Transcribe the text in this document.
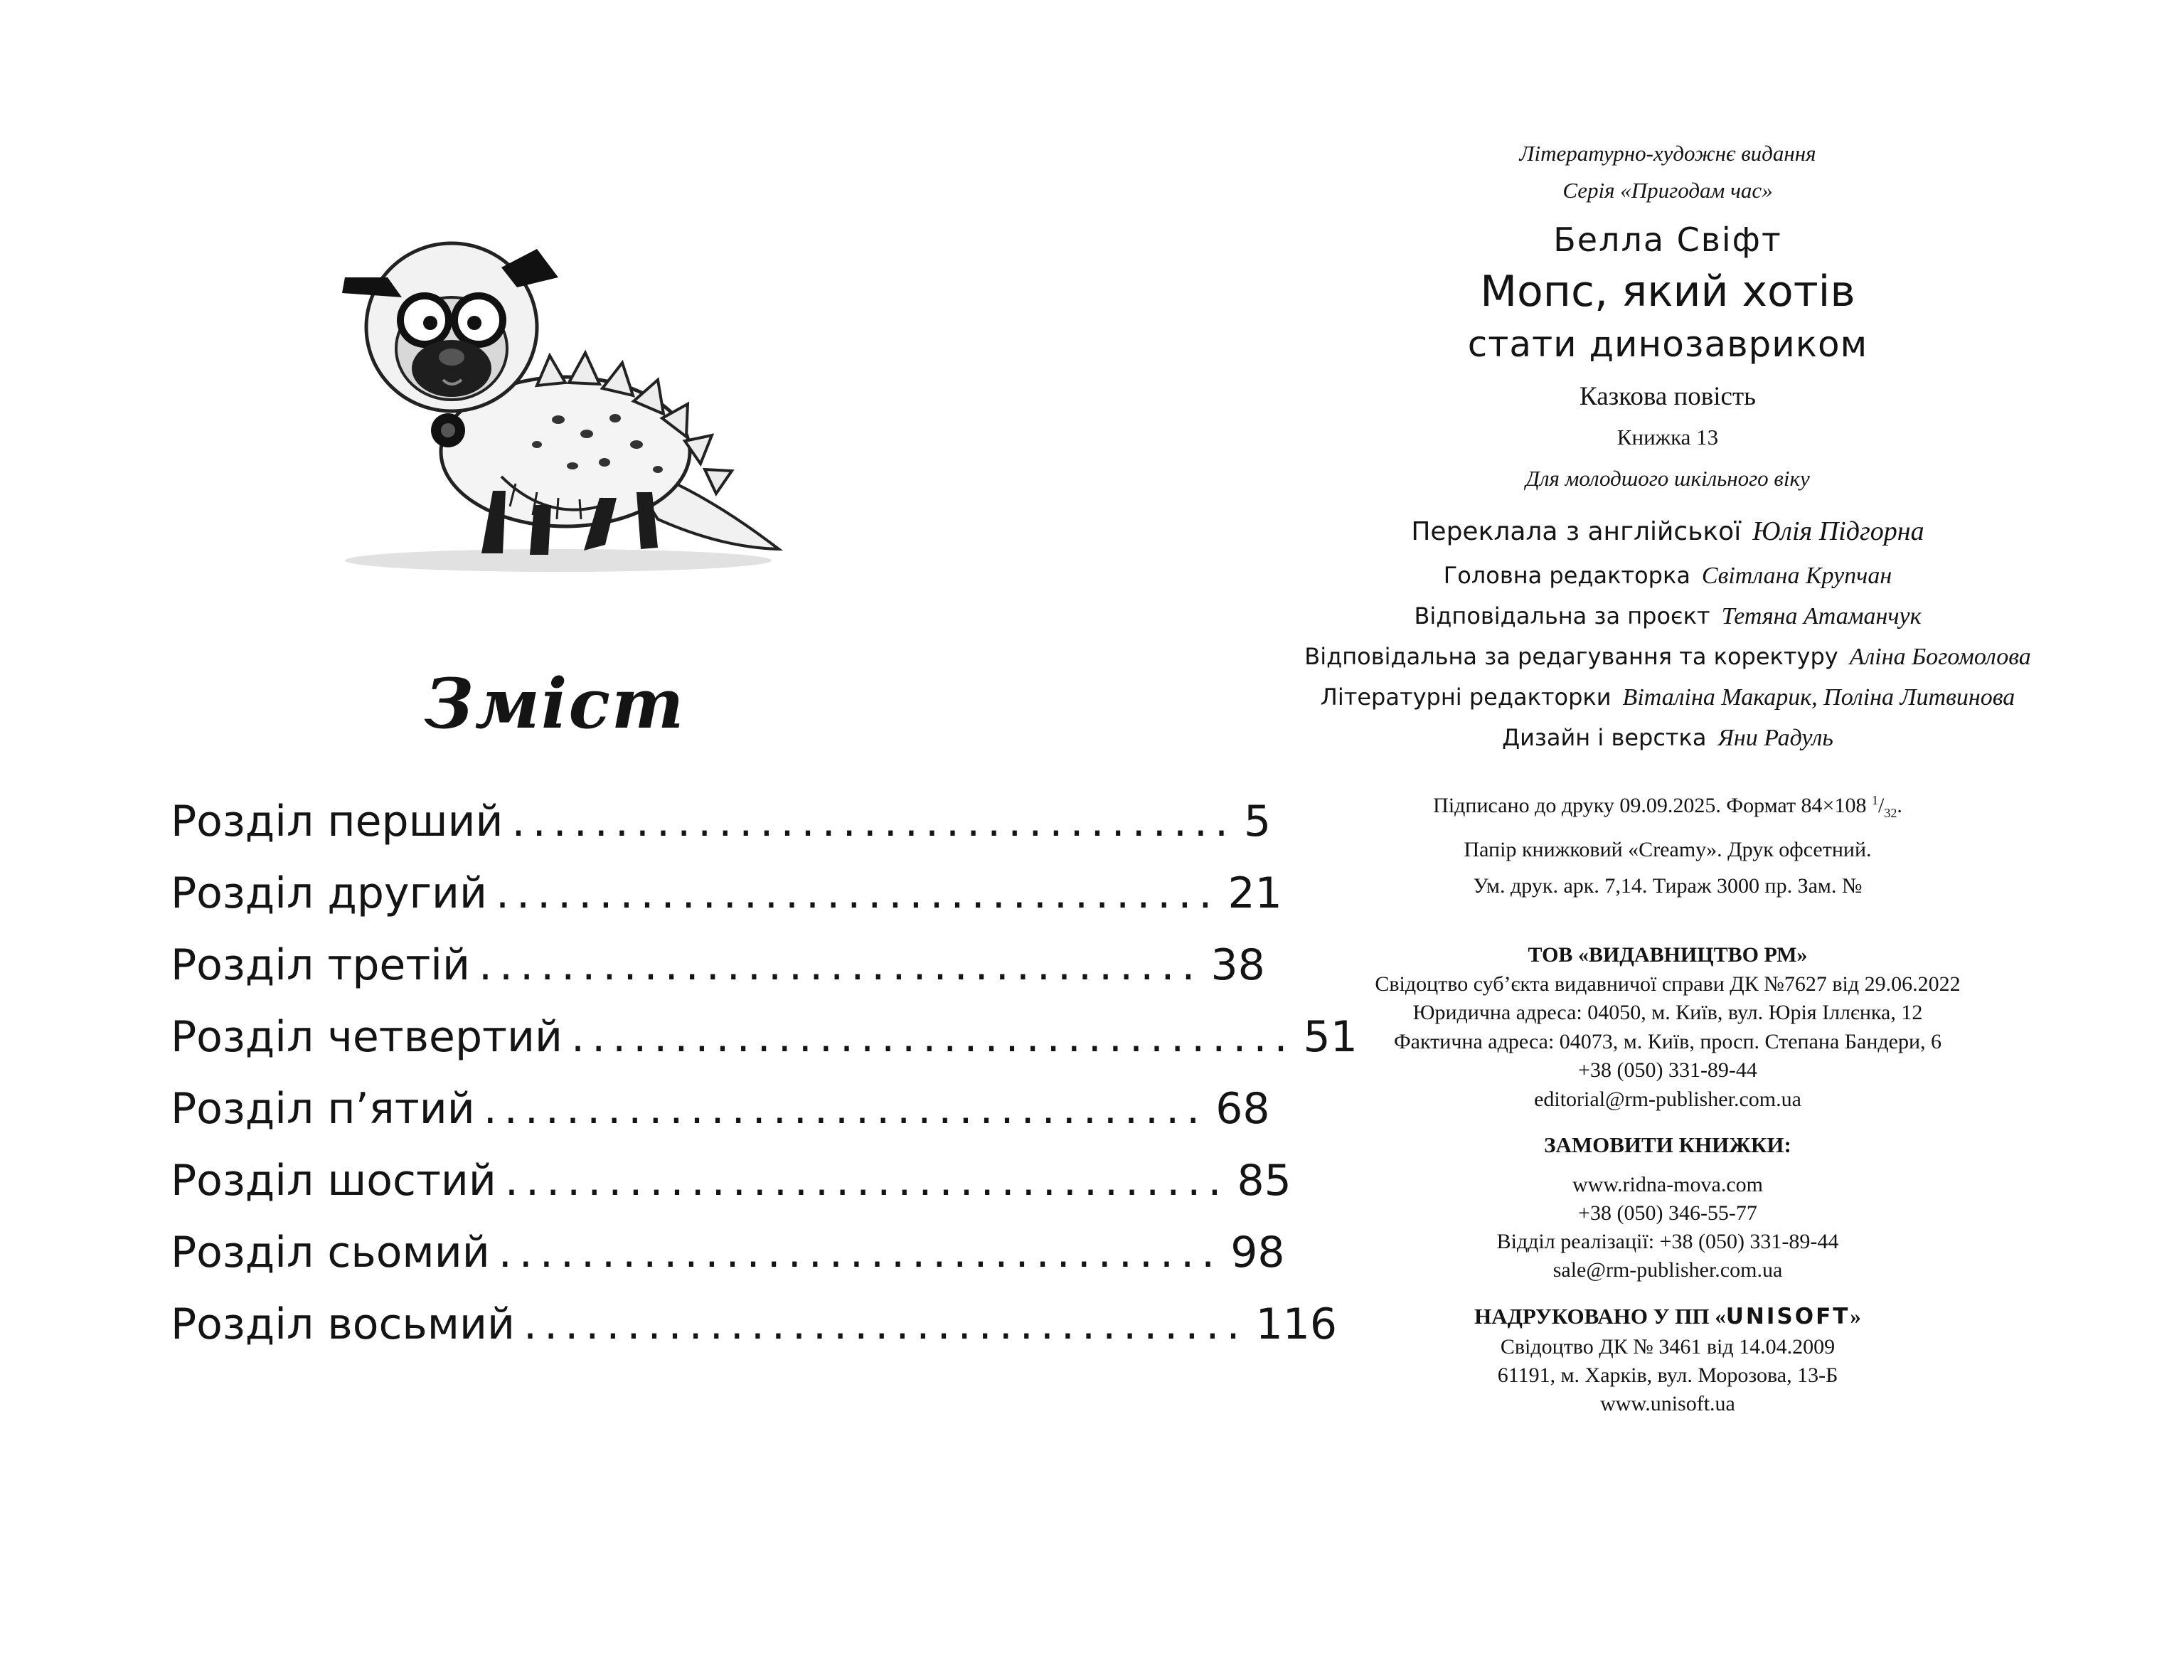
Зміст
Розділ перший ................................... 5
Розділ другий ................................... 21
Розділ третій ................................... 38
Розділ четвертий ................................... 51
Розділ п’ятий ................................... 68
Розділ шостий ................................... 85
Розділ сьомий ................................... 98
Розділ восьмий ................................... 116

Літературно-художнє видання

Серія «Пригодам час»

Белла Свіфт

Мопс, який хотів

стати динозавриком

Казкова повість

Книжка 13

Для молодшого шкільного віку

Переклала з англійської Юлія Підгорна

Головна редакторка Світлана Крупчан

Відповідальна за проєкт Тетяна Атаманчук

Відповідальна за редагування та коректуру Аліна Богомолова

Літературні редакторки Віталіна Макарик, Поліна Литвинова

Дизайн і верстка Яни Радуль

Підписано до друку 09.09.2025. Формат 84×108 $^1/_{32}$.
Папір книжковий «Creamy». Друк офсетний.
Ум. друк. арк. 7,14. Тираж 3000 пр. Зам. №
ТОВ «ВИДАВНИЦТВО РМ»
Свідоцтво суб’єкта видавничої справи ДК №7627 від 29.06.2022
Юридична адреса: 04050, м. Київ, вул. Юрія Іллєнка, 12
Фактична адреса: 04073, м. Київ, просп. Степана Бандери, 6
+38 (050) 331-89-44
editorial@rm-publisher.com.ua

ЗАМОВИТИ КНИЖКИ:

www.ridna-mova.com
+38 (050) 346-55-77
Відділ реалізації: +38 (050) 331-89-44
sale@rm-publisher.com.ua

НАДРУКОВАНО У ПП «UNISOFT»

Свідоцтво ДК № 3461 від 14.04.2009
61191, м. Харків, вул. Морозова, 13-Б
www.unisoft.ua
